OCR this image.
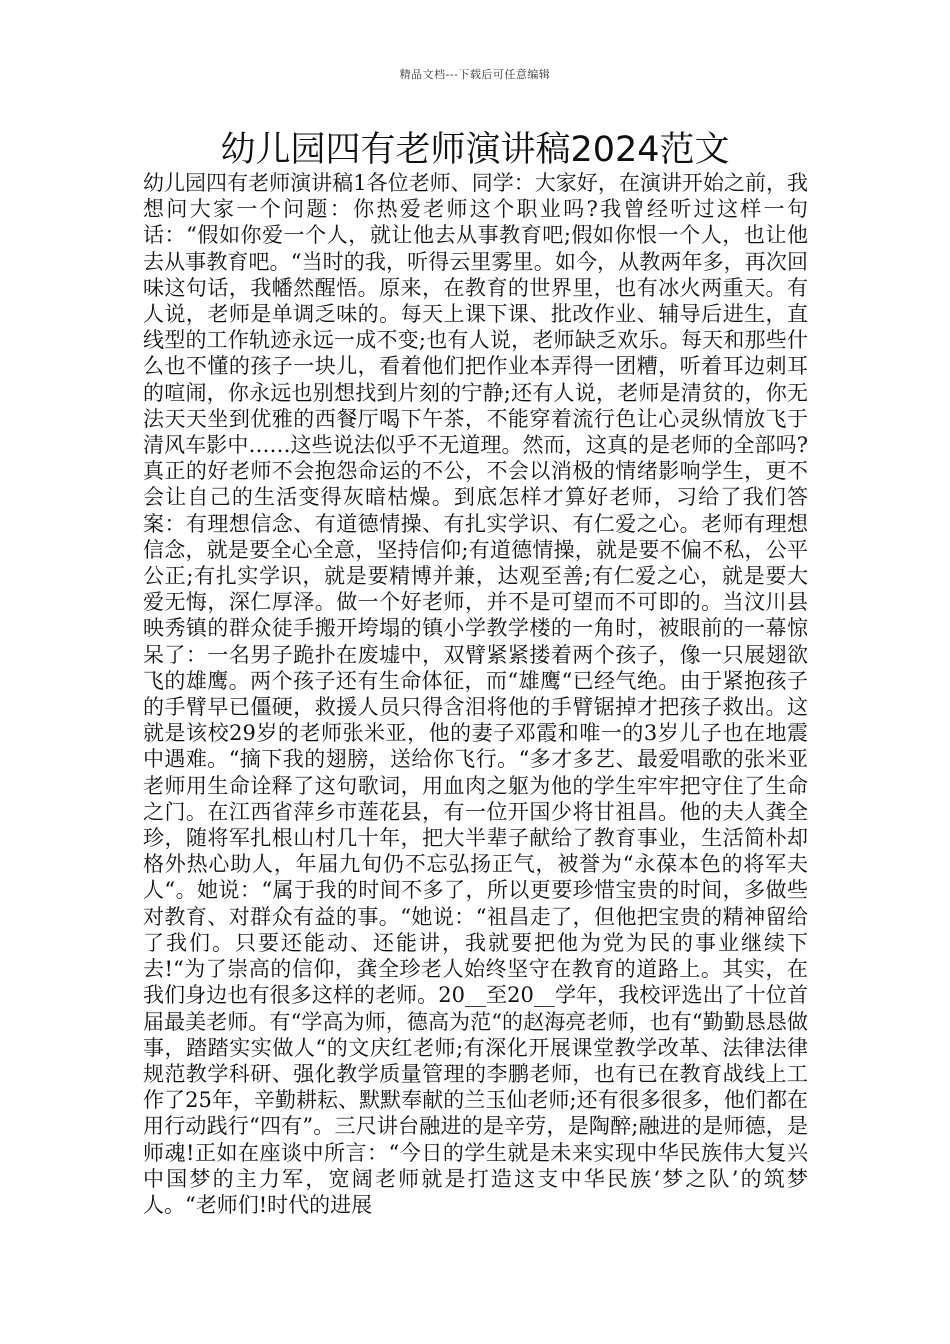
精品文档---下载后可任意编辑
幼儿园四有老师演讲稿2024范文

幼儿园四有老师演讲稿1各位老师、同学：大家好，在演讲开始之前，我想问大家一个问题：你热爱老师这个职业吗?我曾经听过这样一句话：“假如你爱一个人，就让他去从事教育吧;假如你恨一个人，也让他去从事教育吧。“当时的我，听得云里雾里。如今，从教两年多，再次回味这句话，我幡然醒悟。原来，在教育的世界里，也有冰火两重天。有人说，老师是单调乏味的。每天上课下课、批改作业、辅导后进生，直线型的工作轨迹永远一成不变;也有人说，老师缺乏欢乐。每天和那些什么也不懂的孩子一块儿，看着他们把作业本弄得一团糟，听着耳边刺耳的喧闹，你永远也别想找到片刻的宁静;还有人说，老师是清贫的，你无法天天坐到优雅的西餐厅喝下午茶，不能穿着流行色让心灵纵情放飞于清风车影中……这些说法似乎不无道理。然而，这真的是老师的全部吗?真正的好老师不会抱怨命运的不公，不会以消极的情绪影响学生，更不会让自己的生活变得灰暗枯燥。到底怎样才算好老师，习给了我们答案：有理想信念、有道德情操、有扎实学识、有仁爱之心。老师有理想信念，就是要全心全意，坚持信仰;有道德情操，就是要不偏不私，公平公正;有扎实学识，就是要精博并兼，达观至善;有仁爱之心，就是要大爱无悔，深仁厚泽。做一个好老师，并不是可望而不可即的。当汶川县映秀镇的群众徒手搬开垮塌的镇小学教学楼的一角时，被眼前的一幕惊呆了：一名男子跪扑在废墟中，双臂紧紧搂着两个孩子，像一只展翅欲飞的雄鹰。两个孩子还有生命体征，而“雄鹰“已经气绝。由于紧抱孩子的手臂早已僵硬，救援人员只得含泪将他的手臂锯掉才把孩子救出。这就是该校29岁的老师张米亚，他的妻子邓霞和唯一的3岁儿子也在地震中遇难。“摘下我的翅膀，送给你飞行。“多才多艺、最爱唱歌的张米亚老师用生命诠释了这句歌词，用血肉之躯为他的学生牢牢把守住了生命之门。在江西省萍乡市莲花县，有一位开国少将甘祖昌。他的夫人龚全珍，随将军扎根山村几十年，把大半辈子献给了教育事业，生活简朴却格外热心助人，年届九旬仍不忘弘扬正气，被誉为“永葆本色的将军夫人“。她说：“属于我的时间不多了，所以更要珍惜宝贵的时间，多做些对教育、对群众有益的事。“她说：“祖昌走了，但他把宝贵的精神留给了我们。只要还能动、还能讲，我就要把他为党为民的事业继续下去!“为了崇高的信仰，龚全珍老人始终坚守在教育的道路上。其实，在我们身边也有很多这样的老师。20__至20__学年，我校评选出了十位首届最美老师。有“学高为师，德高为范“的赵海亮老师，也有“勤勤恳恳做事，踏踏实实做人“的文庆红老师;有深化开展课堂教学改革、法律法律规范教学科研、强化教学质量管理的李鹏老师，也有已在教育战线上工作了25年，辛勤耕耘、默默奉献的兰玉仙老师;还有很多很多，他们都在用行动践行“四有”。三尺讲台融进的是辛劳，是陶醉;融进的是师德，是师魂!正如在座谈中所言：“今日的学生就是未来实现中华民族伟大复兴中国梦的主力军，宽阔老师就是打造这支中华民族‘梦之队’的筑梦人。“老师们!时代的进展
